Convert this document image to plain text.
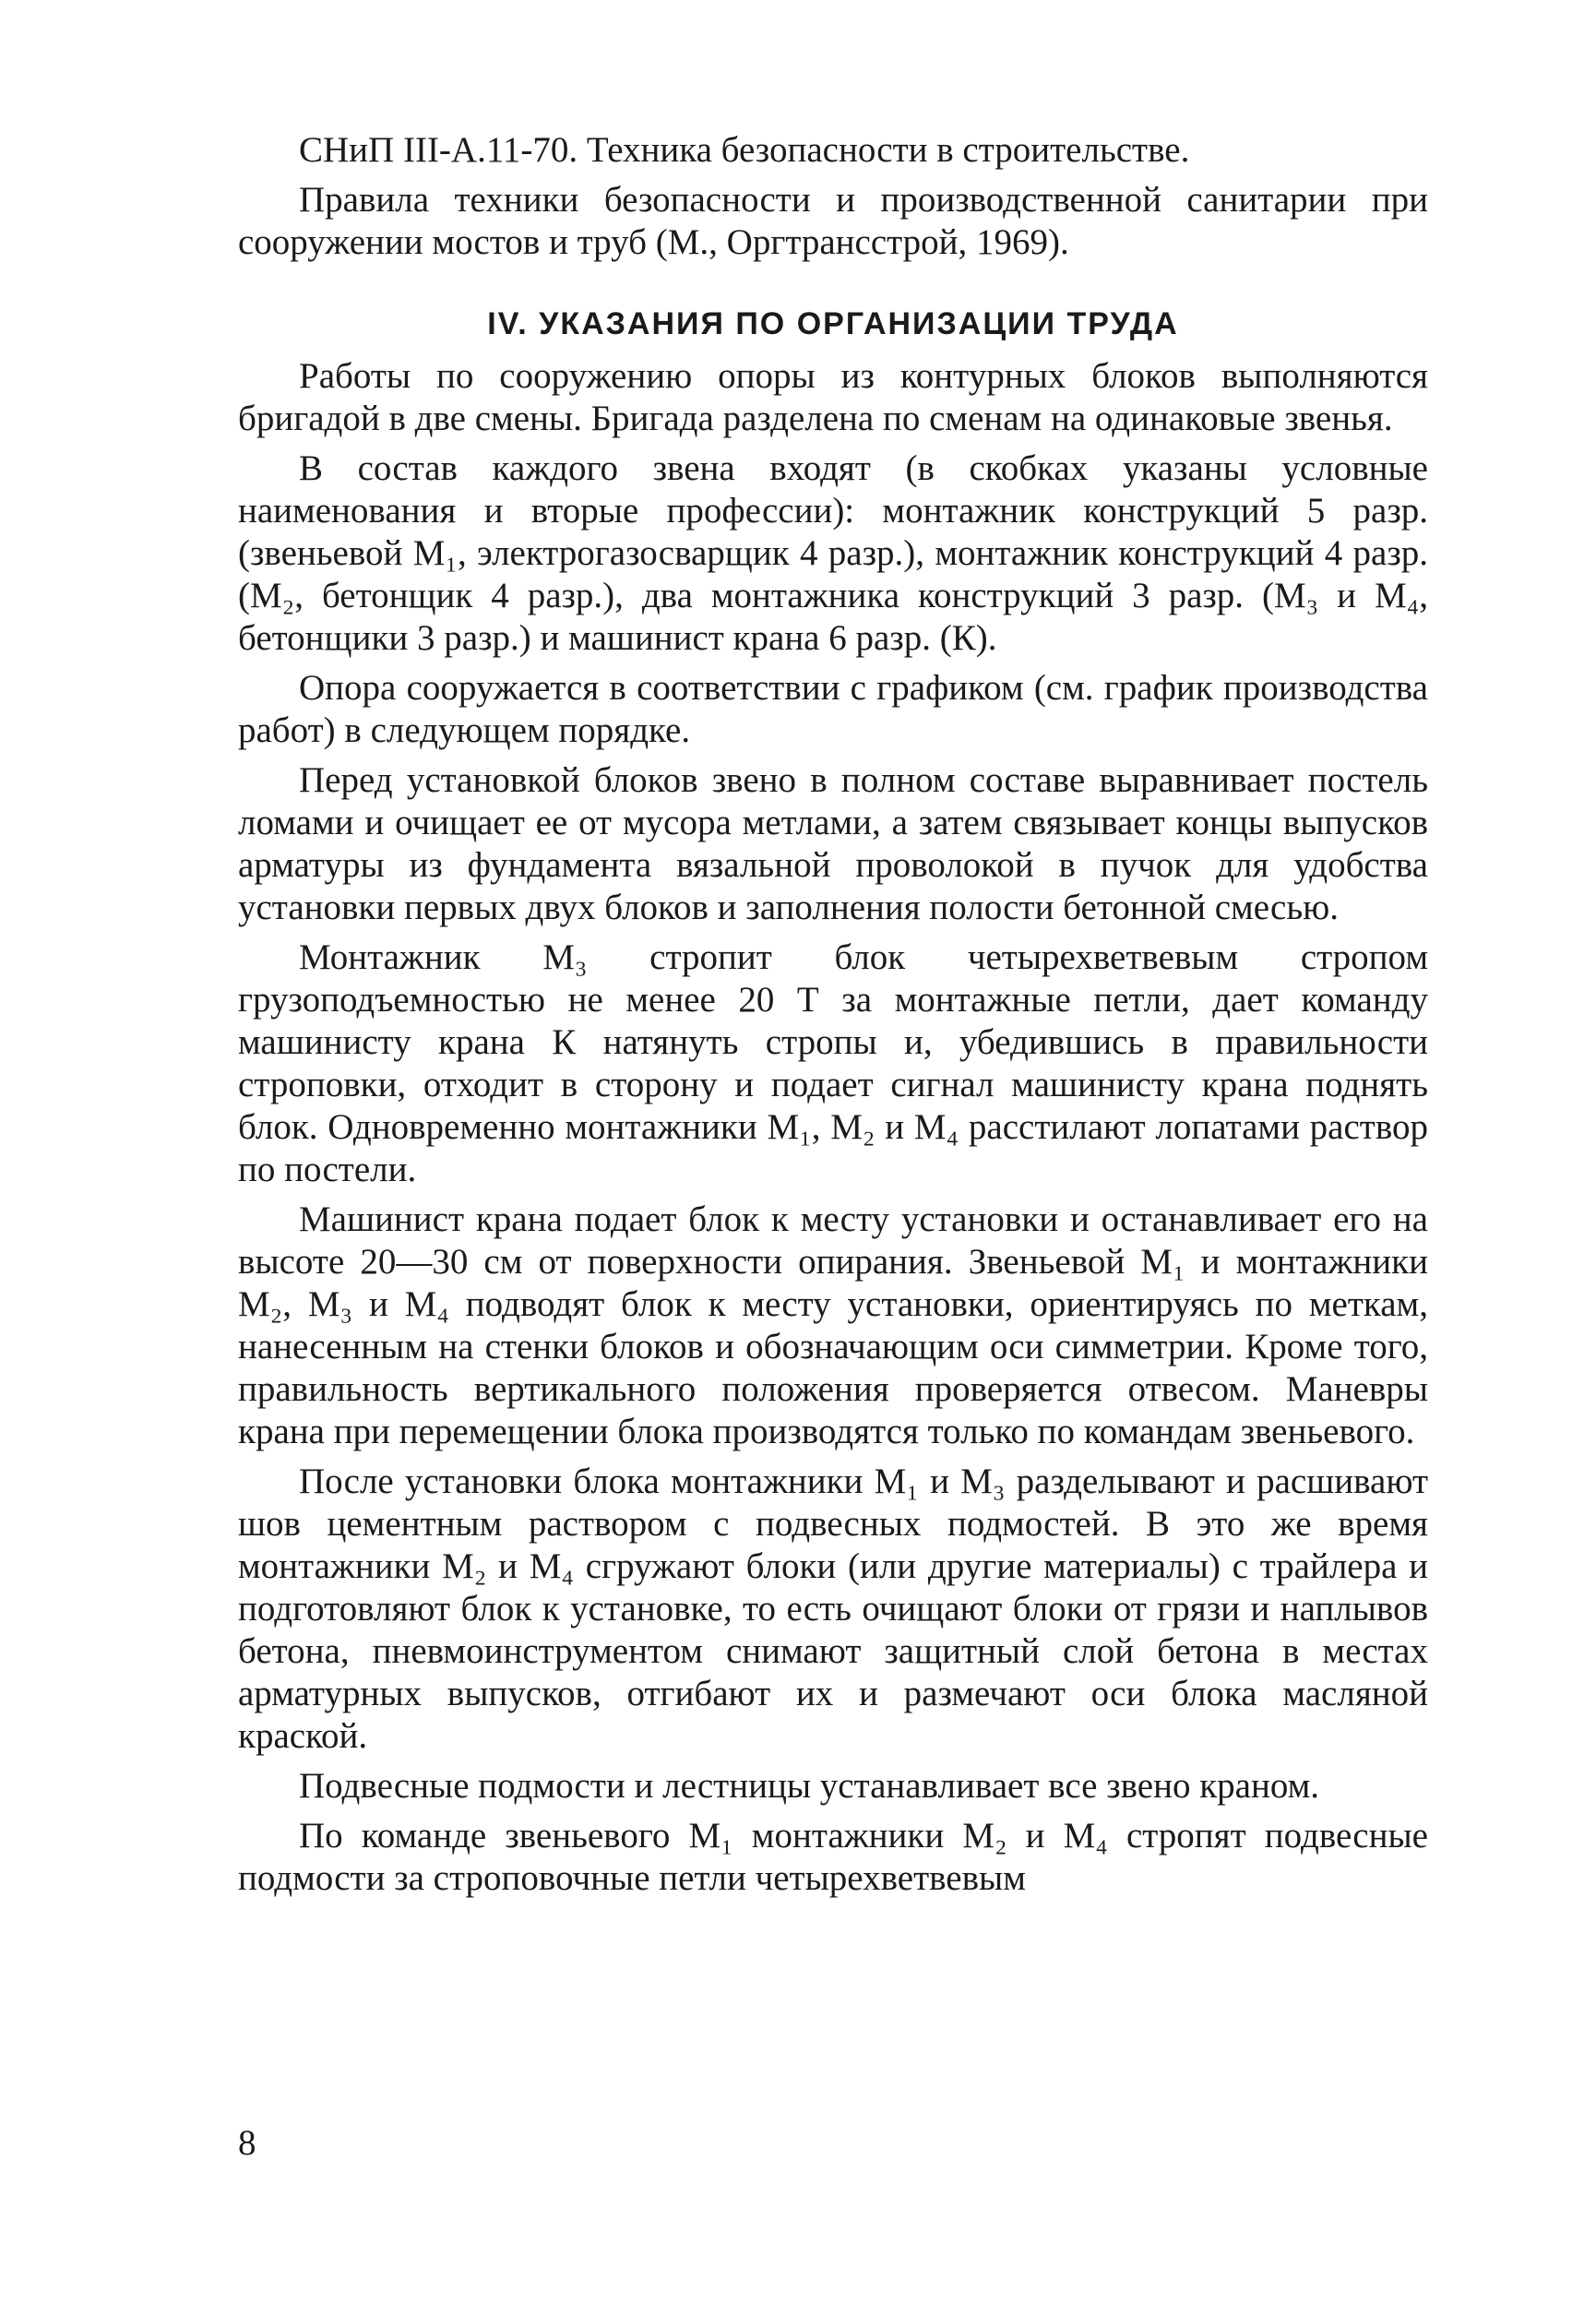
СНиП III-А.11-70. Техника безопасности в строительстве.

Правила техники безопасности и производственной санитарии при сооружении мостов и труб (М., Оргтрансстрой, 1969).

IV. УКАЗАНИЯ ПО ОРГАНИЗАЦИИ ТРУДА

Работы по сооружению опоры из контурных блоков выполняются бригадой в две смены. Бригада разделена по сменам на одинаковые звенья.

В состав каждого звена входят (в скобках указаны условные наименования и вторые профессии): монтажник конструкций 5 разр. (звеньевой М₁, электрогазосварщик 4 разр.), монтажник конструкций 4 разр. (М₂, бетонщик 4 разр.), два монтажника конструкций 3 разр. (М₃ и М₄, бетонщики 3 разр.) и машинист крана 6 разр. (К).

Опора сооружается в соответствии с графиком (см. график производства работ) в следующем порядке.

Перед установкой блоков звено в полном составе выравнивает постель ломами и очищает ее от мусора метлами, а затем связывает концы выпусков арматуры из фундамента вязальной проволокой в пучок для удобства установки первых двух блоков и заполнения полости бетонной смесью.

Монтажник М₃ стропит блок четырехветвевым стропом грузоподъемностью не менее 20 Т за монтажные петли, дает команду машинисту крана К натянуть стропы и, убедившись в правильности строповки, отходит в сторону и подает сигнал машинисту крана поднять блок. Одновременно монтажники М₁, М₂ и М₄ расстилают лопатами раствор по постели.

Машинист крана подает блок к месту установки и останавливает его на высоте 20—30 см от поверхности опирания. Звеньевой М₁ и монтажники М₂, М₃ и М₄ подводят блок к месту установки, ориентируясь по меткам, нанесенным на стенки блоков и обозначающим оси симметрии. Кроме того, правильность вертикального положения проверяется отвесом. Маневры крана при перемещении блока производятся только по командам звеньевого.

После установки блока монтажники М₁ и М₃ разделывают и расшивают шов цементным раствором с подвесных подмостей. В это же время монтажники М₂ и М₄ сгружают блоки (или другие материалы) с трайлера и подготовляют блок к установке, то есть очищают блоки от грязи и наплывов бетона, пневмоинструментом снимают защитный слой бетона в местах арматурных выпусков, отгибают их и размечают оси блока масляной краской.

Подвесные подмости и лестницы устанавливает все звено краном.

По команде звеньевого М₁ монтажники М₂ и М₄ стропят подвесные подмости за строповочные петли четырехветвевым

8
